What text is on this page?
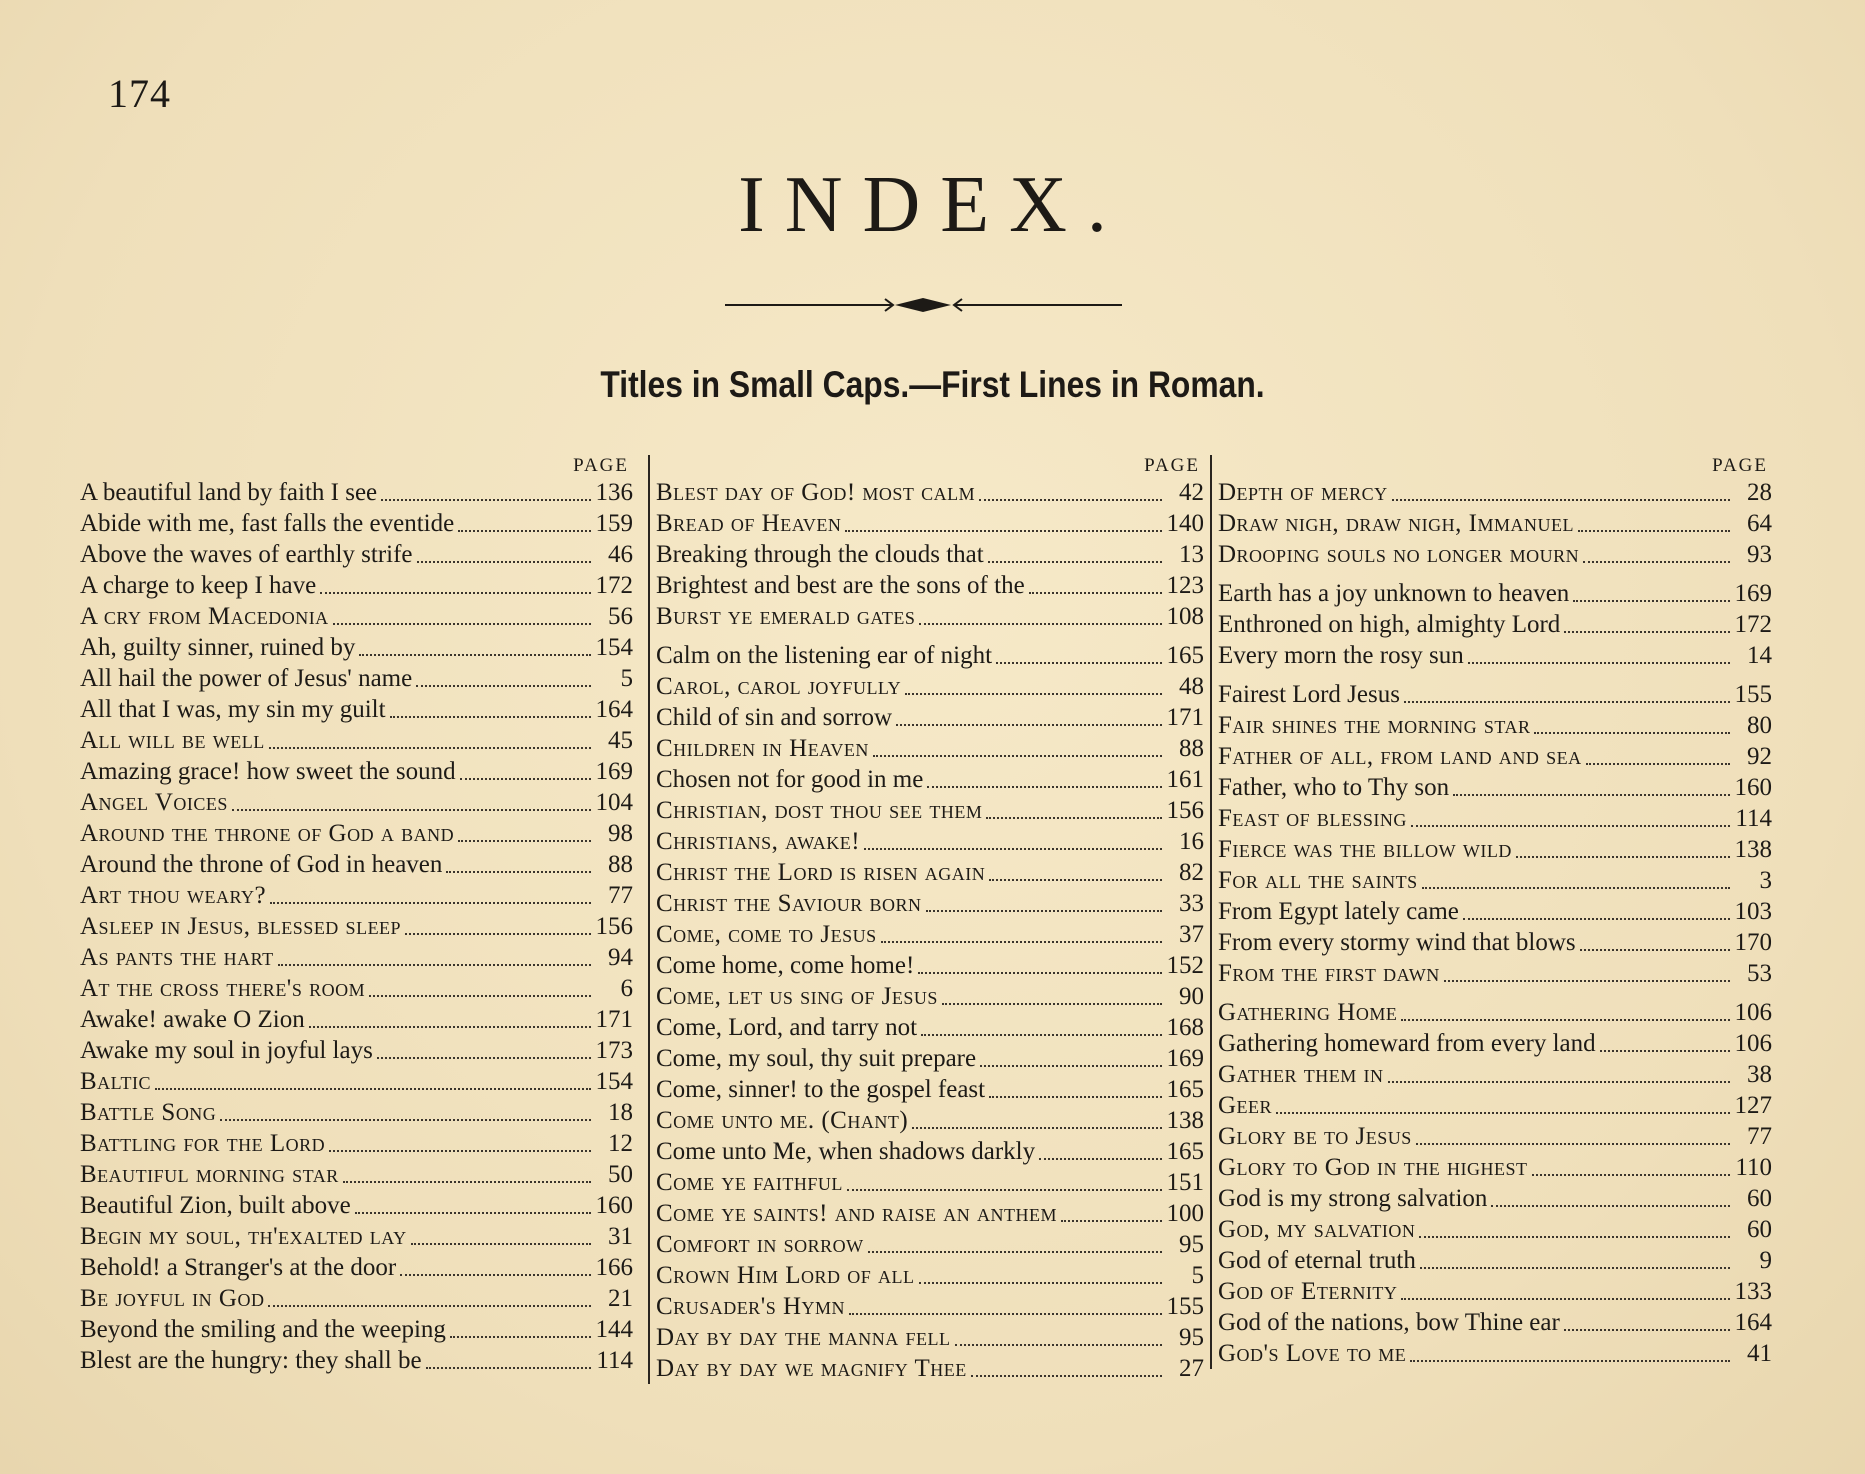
174
INDEX.
Titles in Small Caps.—First Lines in Roman.
PAGE
A beautiful land by faith I see	136
Abide with me, fast falls the eventide	159
Above the waves of earthly strife	46
A charge to keep I have	172
A cry from Macedonia	56
Ah, guilty sinner, ruined by	154
All hail the power of Jesus' name	5
All that I was, my sin my guilt	164
All will be well	45
Amazing grace! how sweet the sound	169
Angel Voices	104
Around the throne of God a band	98
Around the throne of God in heaven	88
Art thou weary?	77
Asleep in Jesus, blessed sleep	156
As pants the hart	94
At the cross there's room	6
Awake! awake O Zion	171
Awake my soul in joyful lays	173
Baltic	154
Battle Song	18
Battling for the Lord	12
Beautiful morning star	50
Beautiful Zion, built above	160
Begin my soul, th'exalted lay	31
Behold! a Stranger's at the door	166
Be joyful in God	21
Beyond the smiling and the weeping	144
Blest are the hungry: they shall be	114
PAGE
Blest day of God! most calm	42
Bread of Heaven	140
Breaking through the clouds that	13
Brightest and best are the sons of the	123
Burst ye emerald gates	108
Calm on the listening ear of night	165
Carol, carol joyfully	48
Child of sin and sorrow	171
Children in Heaven	88
Chosen not for good in me	161
Christian, dost thou see them	156
Christians, awake!	16
Christ the Lord is risen again	82
Christ the Saviour born	33
Come, come to Jesus	37
Come home, come home!	152
Come, let us sing of Jesus	90
Come, Lord, and tarry not	168
Come, my soul, thy suit prepare	169
Come, sinner! to the gospel feast	165
Come unto me. (Chant)	138
Come unto Me, when shadows darkly	165
Come ye faithful	151
Come ye saints! and raise an anthem	100
Comfort in sorrow	95
Crown Him Lord of all	5
Crusader's Hymn	155
Day by day the manna fell	95
Day by day we magnify Thee	27
PAGE
Depth of mercy	28
Draw nigh, draw nigh, Immanuel	64
Drooping souls no longer mourn	93
Earth has a joy unknown to heaven	169
Enthroned on high, almighty Lord	172
Every morn the rosy sun	14
Fairest Lord Jesus	155
Fair shines the morning star	80
Father of all, from land and sea	92
Father, who to Thy son	160
Feast of blessing	114
Fierce was the billow wild	138
For all the saints	3
From Egypt lately came	103
From every stormy wind that blows	170
From the first dawn	53
Gathering Home	106
Gathering homeward from every land	106
Gather them in	38
Geer	127
Glory be to Jesus	77
Glory to God in the highest	110
God is my strong salvation	60
God, my salvation	60
God of eternal truth	9
God of Eternity	133
God of the nations, bow Thine ear	164
God's Love to me	41
